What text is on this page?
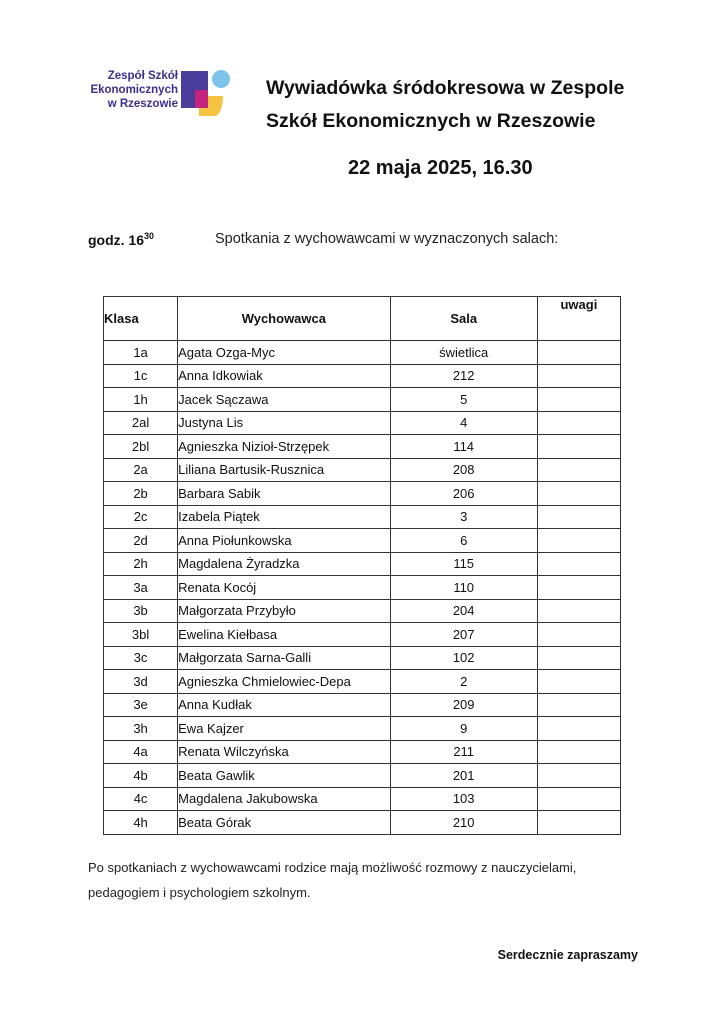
Zespół Szkół
Ekonomicznych
w Rzeszowie
Wywiadówka śródokresowa w Zespole
Szkół Ekonomicznych w Rzeszowie
22 maja 2025, 16.30
godz. $16^{30}$	Spotkania z wychowawcami w wyznaczonych salach:
Klasa	Wychowawca	Sala	uwagi
1a	Agata Ozga-Myc	świetlica	
1c	Anna Idkowiak	212	
1h	Jacek Sączawa	5	
2al	Justyna Lis	4	
2bl	Agnieszka Nizioł-Strzępek	114	
2a	Liliana Bartusik-Rusznica	208	
2b	Barbara Sabik	206	
2c	Izabela Piątek	3	
2d	Anna Piołunkowska	6	
2h	Magdalena Żyradzka	115	
3a	Renata Kocój	110	
3b	Małgorzata Przybyło	204	
3bl	Ewelina Kiełbasa	207	
3c	Małgorzata Sarna-Galli	102	
3d	Agnieszka Chmielowiec-Depa	2	
3e	Anna Kudłak	209	
3h	Ewa Kajzer	9	
4a	Renata Wilczyńska	211	
4b	Beata Gawlik	201	
4c	Magdalena Jakubowska	103	
4h	Beata Górak	210	
Po spotkaniach z wychowawcami rodzice mają możliwość rozmowy z nauczycielami, pedagogiem i psychologiem szkolnym.
Serdecznie zapraszamy
